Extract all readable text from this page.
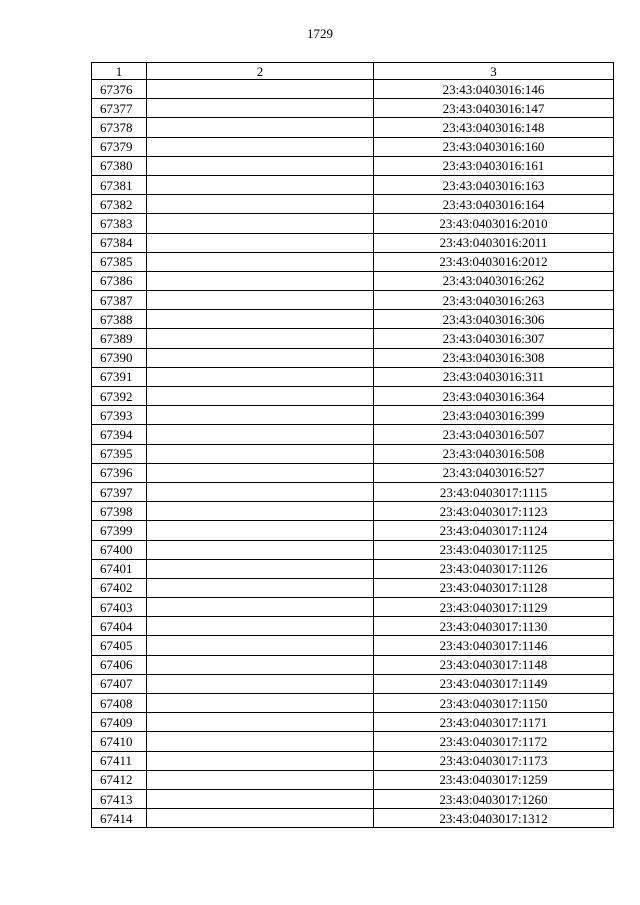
1729
1	2	3
67376		23:43:0403016:146
67377		23:43:0403016:147
67378		23:43:0403016:148
67379		23:43:0403016:160
67380		23:43:0403016:161
67381		23:43:0403016:163
67382		23:43:0403016:164
67383		23:43:0403016:2010
67384		23:43:0403016:2011
67385		23:43:0403016:2012
67386		23:43:0403016:262
67387		23:43:0403016:263
67388		23:43:0403016:306
67389		23:43:0403016:307
67390		23:43:0403016:308
67391		23:43:0403016:311
67392		23:43:0403016:364
67393		23:43:0403016:399
67394		23:43:0403016:507
67395		23:43:0403016:508
67396		23:43:0403016:527
67397		23:43:0403017:1115
67398		23:43:0403017:1123
67399		23:43:0403017:1124
67400		23:43:0403017:1125
67401		23:43:0403017:1126
67402		23:43:0403017:1128
67403		23:43:0403017:1129
67404		23:43:0403017:1130
67405		23:43:0403017:1146
67406		23:43:0403017:1148
67407		23:43:0403017:1149
67408		23:43:0403017:1150
67409		23:43:0403017:1171
67410		23:43:0403017:1172
67411		23:43:0403017:1173
67412		23:43:0403017:1259
67413		23:43:0403017:1260
67414		23:43:0403017:1312
